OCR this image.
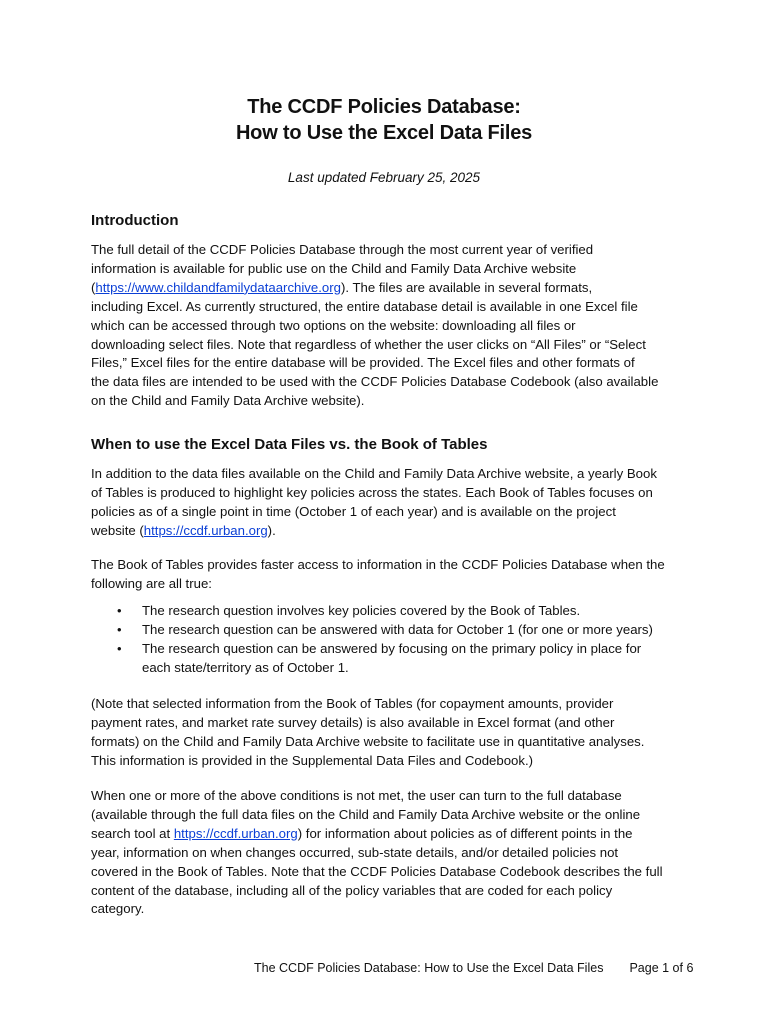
The CCDF Policies Database:
How to Use the Excel Data Files
Last updated February 25, 2025
Introduction
The full detail of the CCDF Policies Database through the most current year of verified
information is available for public use on the Child and Family Data Archive website
(https://www.childandfamilydataarchive.org). The files are available in several formats,
including Excel. As currently structured, the entire database detail is available in one Excel file
which can be accessed through two options on the website: downloading all files or
downloading select files. Note that regardless of whether the user clicks on “All Files” or “Select
Files,” Excel files for the entire database will be provided. The Excel files and other formats of
the data files are intended to be used with the CCDF Policies Database Codebook (also available
on the Child and Family Data Archive website).
When to use the Excel Data Files vs. the Book of Tables
In addition to the data files available on the Child and Family Data Archive website, a yearly Book
of Tables is produced to highlight key policies across the states. Each Book of Tables focuses on
policies as of a single point in time (October 1 of each year) and is available on the project
website (https://ccdf.urban.org).
The Book of Tables provides faster access to information in the CCDF Policies Database when the
following are all true:
• The research question involves key policies covered by the Book of Tables.
• The research question can be answered with data for October 1 (for one or more years)
• The research question can be answered by focusing on the primary policy in place for
each state/territory as of October 1.
(Note that selected information from the Book of Tables (for copayment amounts, provider
payment rates, and market rate survey details) is also available in Excel format (and other
formats) on the Child and Family Data Archive website to facilitate use in quantitative analyses.
This information is provided in the Supplemental Data Files and Codebook.)
When one or more of the above conditions is not met, the user can turn to the full database
(available through the full data files on the Child and Family Data Archive website or the online
search tool at https://ccdf.urban.org) for information about policies as of different points in the
year, information on when changes occurred, sub-state details, and/or detailed policies not
covered in the Book of Tables. Note that the CCDF Policies Database Codebook describes the full
content of the database, including all of the policy variables that are coded for each policy
category.
The CCDF Policies Database: How to Use the Excel Data Files Page 1 of 6
